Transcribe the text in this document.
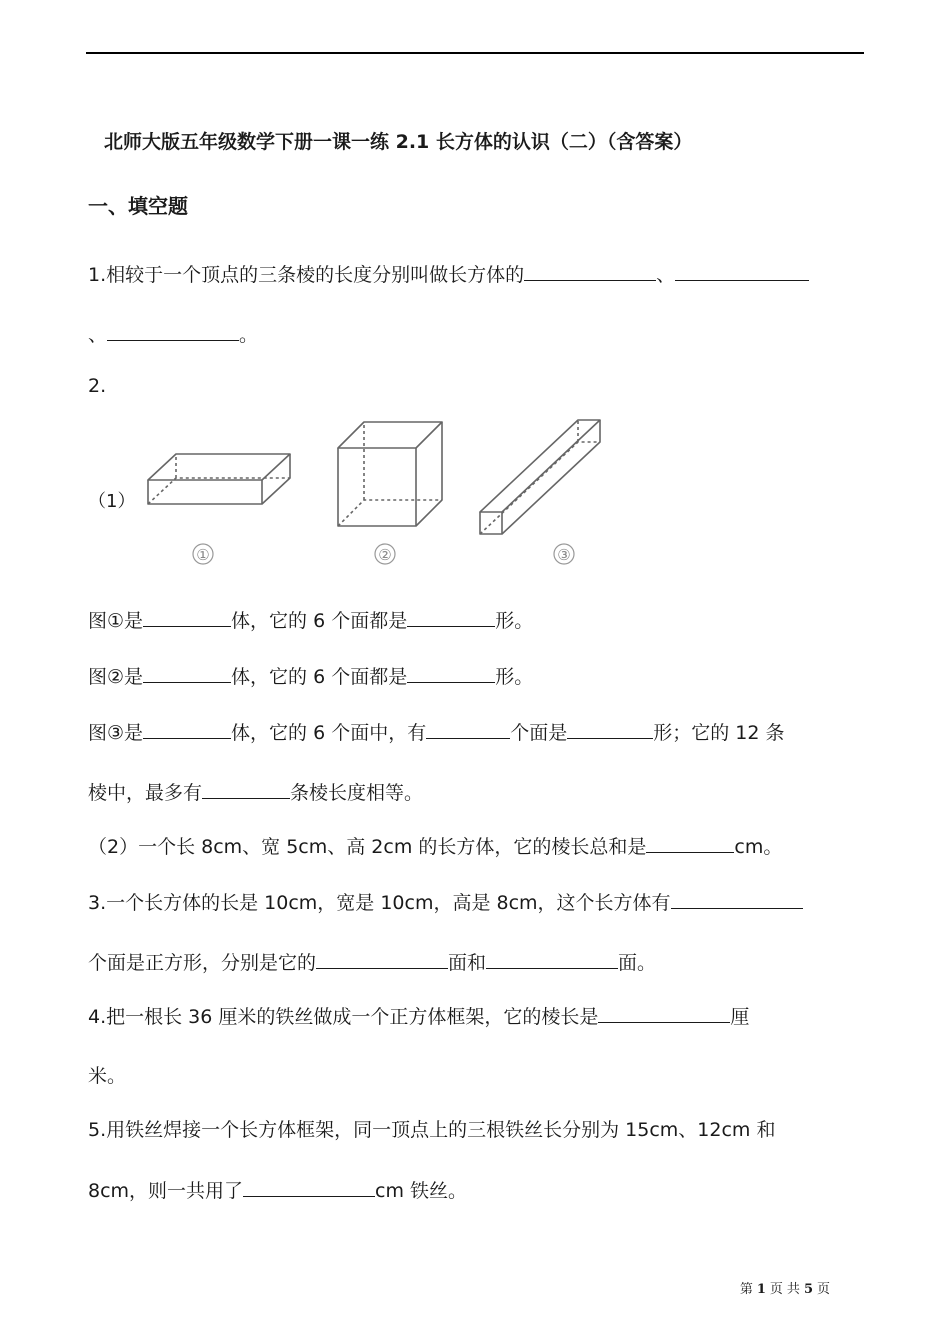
北师大版五年级数学下册一课一练 2.1 长方体的认识（二）（含答案）
一、填空题
1.相较于一个顶点的三条棱的长度分别叫做长方体的	、
、	。
2.
（1）
①	②	③
图①是	体，它的 6 个面都是	形。
图②是	体，它的 6 个面都是	形。
图③是	体，它的 6 个面中，有	个面是	形；它的 12 条
棱中，最多有	条棱长度相等。
（2）一个长 8cm、宽 5cm、高 2cm 的长方体，它的棱长总和是	cm。
3.一个长方体的长是 10cm，宽是 10cm，高是 8cm，这个长方体有
个面是正方形，分别是它的	面和	面。
4.把一根长 36 厘米的铁丝做成一个正方体框架，它的棱长是	厘
米。
5.用铁丝焊接一个长方体框架，同一顶点上的三根铁丝长分别为 15cm、12cm 和
8cm，则一共用了	cm 铁丝。
第 1 页 共 5 页
